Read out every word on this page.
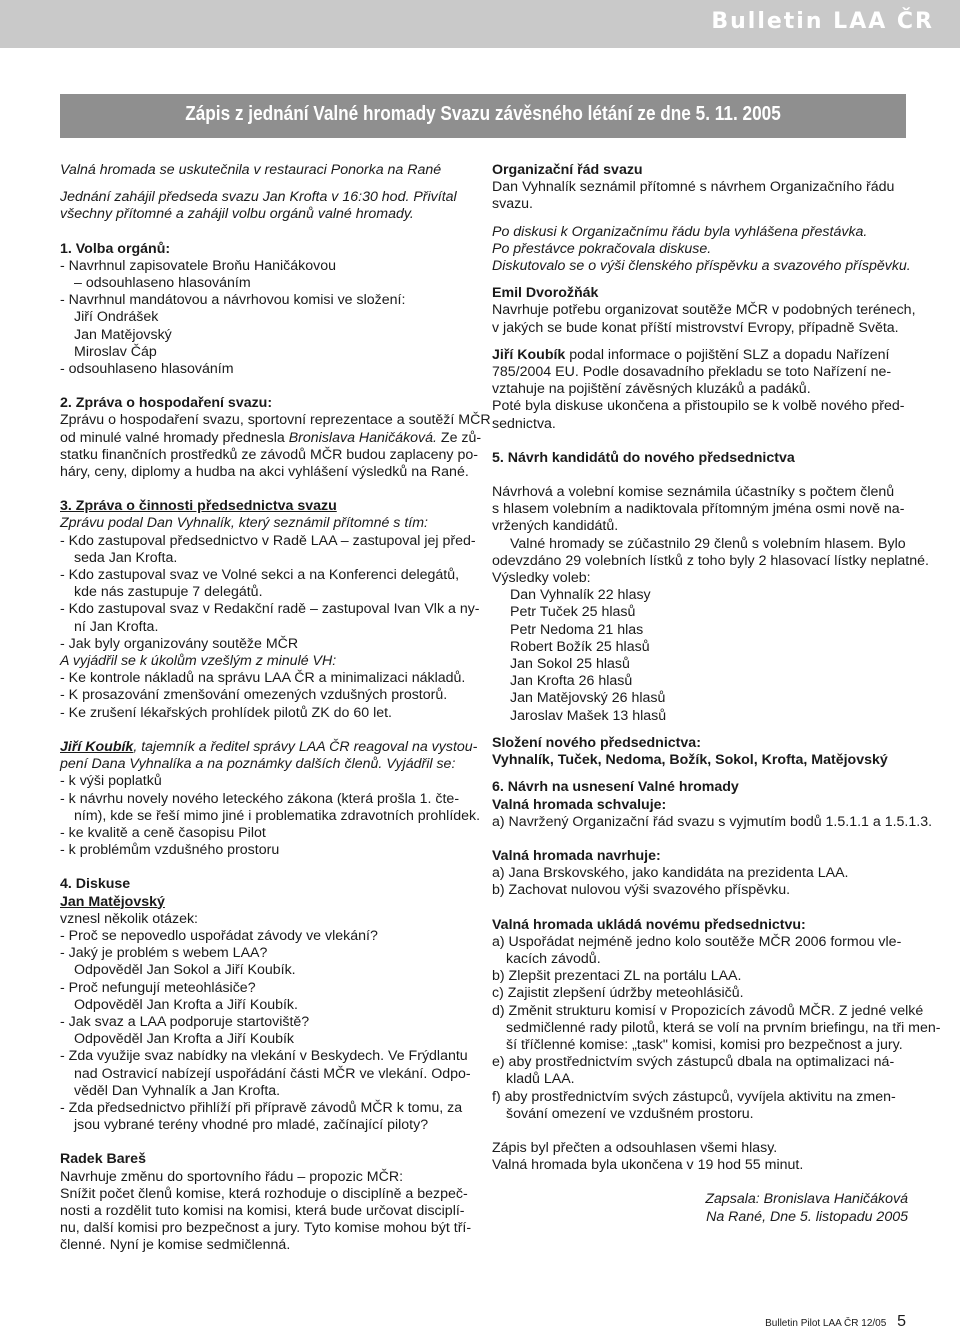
Bulletin LAA ČR
Zápis z jednání Valné hromady Svazu závěsného létání ze dne 5. 11. 2005
Valná hromada se uskutečnila v restauraci Ponorka na Rané
Jednání zahájil předseda svazu Jan Krofta v 16:30 hod. Přivítal
všechny přítomné a zahájil volbu orgánů valné hromady.
1. Volba orgánů:
- Navrhnul zapisovatele Broňu Haničákovou
– odsouhlaseno hlasováním
- Navrhnul mandátovou a návrhovou komisi ve složení:
Jiří Ondrášek
Jan Matějovský
Miroslav Čáp
- odsouhlaseno hlasováním
2. Zpráva o hospodaření svazu:
Zprávu o hospodaření svazu, sportovní reprezentace a soutěží MČR
od minulé valné hromady přednesla Bronislava Haničáková. Ze zů-
statku finančních prostředků ze závodů MČR budou zaplaceny po-
háry, ceny, diplomy a hudba na akci vyhlášení výsledků na Rané.
3. Zpráva o činnosti předsednictva svazu
Zprávu podal Dan Vyhnalík, který seznámil přítomné s tím:
- Kdo zastupoval předsednictvo v Radě LAA – zastupoval jej před-
seda Jan Krofta.
- Kdo zastupoval svaz ve Volné sekci a na Konferenci delegátů,
kde nás zastupuje 7 delegátů.
- Kdo zastupoval svaz v Redakční radě – zastupoval Ivan Vlk a ny-
ní Jan Krofta.
- Jak byly organizovány soutěže MČR
A vyjádřil se k úkolům vzešlým z minulé VH:
- Ke kontrole nákladů na správu LAA ČR a minimalizaci nákladů.
- K prosazování zmenšování omezených vzdušných prostorů.
- Ke zrušení lékařských prohlídek pilotů ZK do 60 let.
Jiří Koubík, tajemník a ředitel správy LAA ČR reagoval na vystou-
pení Dana Vyhnalíka a na poznámky dalších členů. Vyjádřil se:
- k výši poplatků
- k návrhu novely nového leteckého zákona (která prošla 1. čte-
ním), kde se řeší mimo jiné i problematika zdravotních prohlídek.
- ke kvalitě a ceně časopisu Pilot
- k problémům vzdušného prostoru
4. Diskuse
Jan Matějovský
vznesl několik otázek:
- Proč se nepovedlo uspořádat závody ve vlekání?
- Jaký je problém s webem LAA?
Odpověděl Jan Sokol a Jiří Koubík.
- Proč nefungují meteohlásiče?
Odpověděl Jan Krofta a Jiří Koubík.
- Jak svaz a LAA podporuje startoviště?
Odpověděl Jan Krofta a Jiří Koubík
- Zda využije svaz nabídky na vlekání v Beskydech. Ve Frýdlantu
nad Ostravicí nabízejí uspořádání části MČR ve vlekání. Odpo-
věděl Dan Vyhnalík a Jan Krofta.
- Zda předsednictvo přihlíží při přípravě závodů MČR k tomu, za
jsou vybrané terény vhodné pro mladé, začínající piloty?
Radek Bareš
Navrhuje změnu do sportovního řádu – propozic MČR:
Snížit počet členů komise, která rozhoduje o disciplíně a bezpeč-
nosti a rozdělit tuto komisi na komisi, která bude určovat disciplí-
nu, další komisi pro bezpečnost a jury. Tyto komise mohou být tří-
členné. Nyní je komise sedmičlenná.
Organizační řád svazu
Dan Vyhnalík seznámil přítomné s návrhem Organizačního řádu
svazu.
Po diskusi k Organizačnímu řádu byla vyhlášena přestávka.
Po přestávce pokračovala diskuse.
Diskutovalo se o výši členského příspěvku a svazového příspěvku.
Emil Dvorožňák
Navrhuje potřebu organizovat soutěže MČR v podobných terénech,
v jakých se bude konat příští mistrovství Evropy, případně Světa.
Jiří Koubík podal informace o pojištění SLZ a dopadu Nařízení
785/2004 EU. Podle dosavadního překladu se toto Nařízení ne-
vztahuje na pojištění závěsných kluzáků a padáků.
Poté byla diskuse ukončena a přistoupilo se k volbě nového před-
sednictva.
5. Návrh kandidátů do nového předsednictva
Návrhová a volební komise seznámila účastníky s počtem členů
s hlasem volebním a nadiktovala přítomným jména osmi nově na-
vržených kandidátů.
Valné hromady se zúčastnilo 29 členů s volebním hlasem. Bylo
odevzdáno 29 volebních lístků z toho byly 2 hlasovací lístky neplatné.
Výsledky voleb:
Dan Vyhnalík 22 hlasy
Petr Tuček 25 hlasů
Petr Nedoma 21 hlas
Robert Božík 25 hlasů
Jan Sokol 25 hlasů
Jan Krofta 26 hlasů
Jan Matějovský 26 hlasů
Jaroslav Mašek 13 hlasů
Složení nového předsednictva:
Vyhnalík, Tuček, Nedoma, Božík, Sokol, Krofta, Matějovský
6. Návrh na usnesení Valné hromady
Valná hromada schvaluje:
a) Navržený Organizační řád svazu s vyjmutím bodů 1.5.1.1 a 1.5.1.3.
Valná hromada navrhuje:
a) Jana Brskovského, jako kandidáta na prezidenta LAA.
b) Zachovat nulovou výši svazového příspěvku.
Valná hromada ukládá novému předsednictvu:
a) Uspořádat nejméně jedno kolo soutěže MČR 2006 formou vle-
kacích závodů.
b) Zlepšit prezentaci ZL na portálu LAA.
c) Zajistit zlepšení údržby meteohlásičů.
d) Změnit strukturu komisí v Propozicích závodů MČR. Z jedné velké
sedmičlenné rady pilotů, která se volí na prvním briefingu, na tři men-
ší tříčlenné komise: „task" komisi, komisi pro bezpečnost a jury.
e) aby prostřednictvím svých zástupců dbala na optimalizaci ná-
kladů LAA.
f) aby prostřednictvím svých zástupců, vyvíjela aktivitu na zmen-
šování omezení ve vzdušném prostoru.
Zápis byl přečten a odsouhlasen všemi hlasy.
Valná hromada byla ukončena v 19 hod 55 minut.
Zapsala: Bronislava Haničáková
Na Rané, Dne 5. listopadu 2005
Bulletin Pilot LAA ČR 12/05 5
